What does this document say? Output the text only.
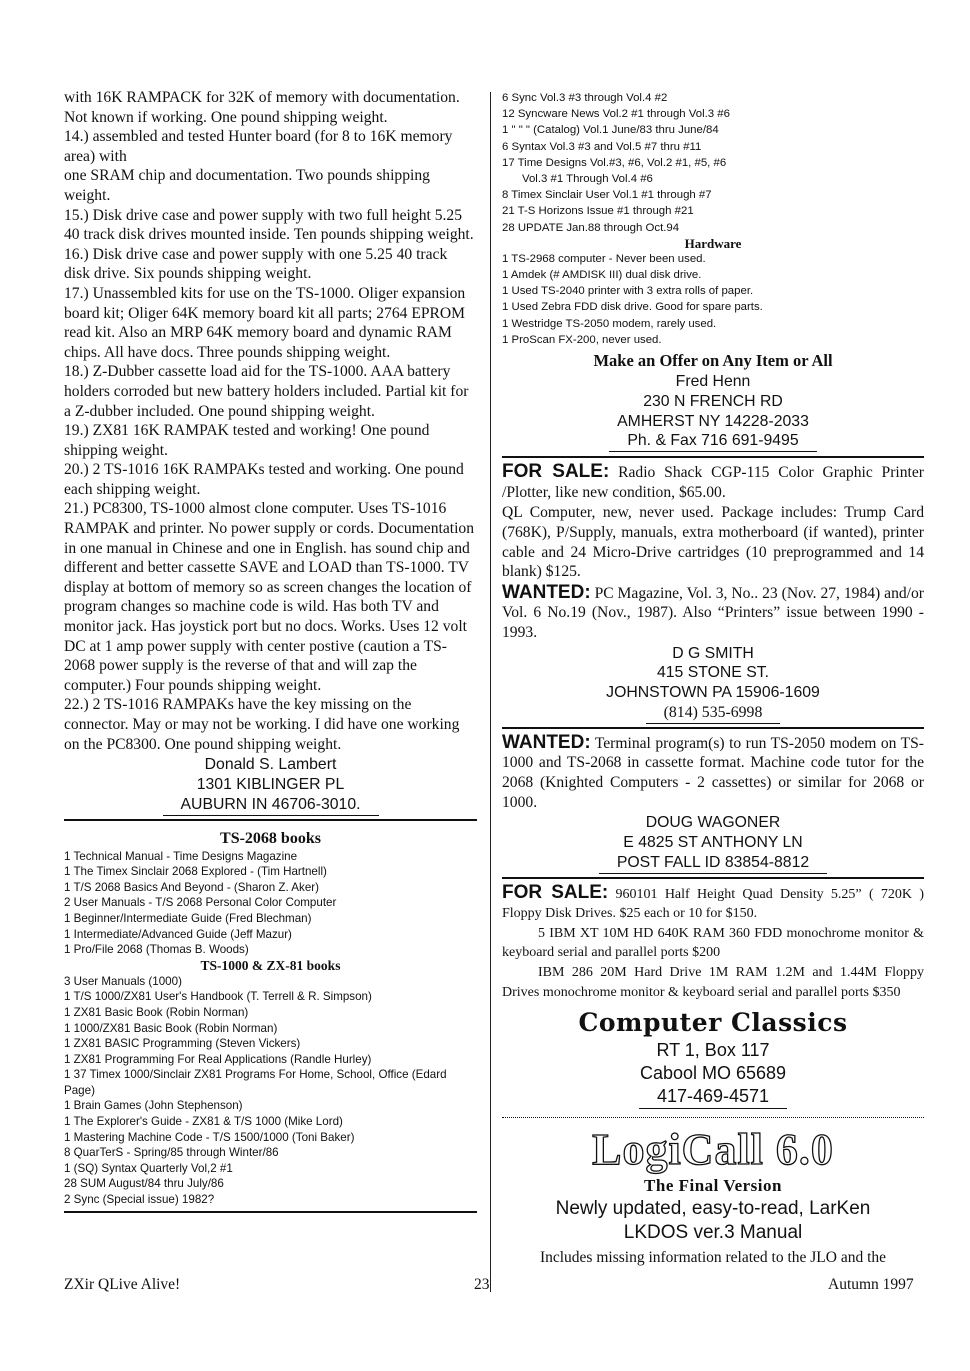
with 16K RAMPACK for 32K of memory with documentation. Not known if working. One pound shipping weight.

14.) assembled and tested Hunter board (for 8 to 16K memory area) with

one SRAM chip and documentation. Two pounds shipping weight.

15.) Disk drive case and power supply with two full height 5.25 40 track disk drives mounted inside. Ten pounds shipping weight.

16.) Disk drive case and power supply with one 5.25 40 track disk drive. Six pounds shipping weight.

17.) Unassembled kits for use on the TS-1000. Oliger expansion board kit; Oliger 64K memory board kit all parts; 2764 EPROM read kit. Also an MRP 64K memory board and dynamic RAM chips. All have docs. Three pounds shipping weight.

18.) Z-Dubber cassette load aid for the TS-1000. AAA battery holders corroded but new battery holders included. Partial kit for a Z-dubber included. One pound shipping weight.

19.) ZX81 16K RAMPAK tested and working! One pound shipping weight.

20.) 2 TS-1016 16K RAMPAKs tested and working. One pound each shipping weight.

21.) PC8300, TS-1000 almost clone computer. Uses TS-1016 RAMPAK and printer. No power supply or cords. Documentation in one manual in Chinese and one in English. has sound chip and different and better cassette SAVE and LOAD than TS-1000. TV display at bottom of memory so as screen changes the location of program changes so machine code is wild. Has both TV and monitor jack. Has joystick port but no docs. Works. Uses 12 volt DC at 1 amp power supply with center postive (caution a TS-2068 power supply is the reverse of that and will zap the computer.) Four pounds shipping weight.

22.) 2 TS-1016 RAMPAKs have the key missing on the connector. May or may not be working. I did have one working on the PC8300. One pound shipping weight.

Donald S. Lambert

1301 KIBLINGER PL

AUBURN IN 46706-3010.

TS-2068 books

1 Technical Manual - Time Designs Magazine
1 The Timex Sinclair 2068 Explored - (Tim Hartnell)
1 T/S 2068 Basics And Beyond - (Sharon Z. Aker)
2 User Manuals - T/S 2068 Personal Color Computer
1 Beginner/Intermediate Guide (Fred Blechman)
1 Intermediate/Advanced Guide (Jeff Mazur)
1 Pro/File 2068 (Thomas B. Woods)

TS-1000 & ZX-81 books

3 User Manuals (1000)
1 T/S 1000/ZX81 User's Handbook (T. Terrell & R. Simpson)
1 ZX81 Basic Book (Robin Norman)
1 1000/ZX81 Basic Book (Robin Norman)
1 ZX81 BASIC Programming (Steven Vickers)
1 ZX81 Programming For Real Applications (Randle Hurley)
1 37 Timex 1000/Sinclair ZX81 Programs For Home, School, Office (Edard Page)
1 Brain Games (John Stephenson)
1 The Explorer's Guide - ZX81 & T/S 1000 (Mike Lord)
1 Mastering Machine Code - T/S 1500/1000 (Toni Baker)
8 QuarTerS - Spring/85 through Winter/86
1 (SQ) Syntax Quarterly Vol,2 #1
28 SUM August/84 thru July/86
2 Sync (Special issue) 1982?
6 Sync Vol.3 #3 through Vol.4 #2
12 Syncware News Vol.2 #1 through Vol.3 #6
1 " " " (Catalog) Vol.1 June/83 thru June/84
6 Syntax Vol.3 #3 and Vol.5 #7 thru #11
17 Time Designs Vol.#3, #6, Vol.2 #1, #5, #6
Vol.3 #1 Through Vol.4 #6
8 Timex Sinclair User Vol.1 #1 through #7
21 T-S Horizons Issue #1 through #21
28 UPDATE Jan.88 through Oct.94

Hardware

1 TS-2968 computer - Never been used.
1 Amdek (# AMDISK III) dual disk drive.
1 Used TS-2040 printer with 3 extra rolls of paper.
1 Used Zebra FDD disk drive. Good for spare parts.
1 Westridge TS-2050 modem, rarely used.
1 ProScan FX-200, never used.

Make an Offer on Any Item or All

Fred Henn

230 N FRENCH RD

AMHERST NY 14228-2033

Ph. & Fax 716 691-9495

FOR SALE: Radio Shack CGP-115 Color Graphic Printer /Plotter, like new condition, $65.00.

QL Computer, new, never used. Package includes: Trump Card (768K), P/Supply, manuals, extra motherboard (if wanted), printer cable and 24 Micro-Drive cartridges (10 preprogrammed and 14 blank) $125.

WANTED: PC Magazine, Vol. 3, No.. 23 (Nov. 27, 1984) and/or Vol. 6 No.19 (Nov., 1987). Also “Printers” issue between 1990 - 1993.

D G SMITH

415 STONE ST.

JOHNSTOWN PA 15906-1609

(814) 535-6998

WANTED: Terminal program(s) to run TS-2050 modem on TS-1000 and TS-2068 in cassette format. Machine code tutor for the 2068 (Knighted Computers - 2 cassettes) or similar for 2068 or 1000.

DOUG WAGONER

E 4825 ST ANTHONY LN

POST FALL ID 83854-8812

FOR SALE: 960101 Half Height Quad Density 5.25” ( 720K ) Floppy Disk Drives. $25 each or 10 for $150.

5 IBM XT 10M HD 640K RAM 360 FDD monochrome monitor & keyboard serial and parallel ports $200

IBM 286 20M Hard Drive 1M RAM 1.2M and 1.44M Floppy Drives monochrome monitor & keyboard serial and parallel ports $350

Computer Classics

RT 1, Box 117

Cabool MO 65689

417-469-4571

LogiCall 6.0

The Final Version

Newly updated, easy-to-read, LarKen

LKDOS ver.3 Manual

Includes missing information related to the JLO and the

ZXir QLive Alive!	23	Autumn 1997
